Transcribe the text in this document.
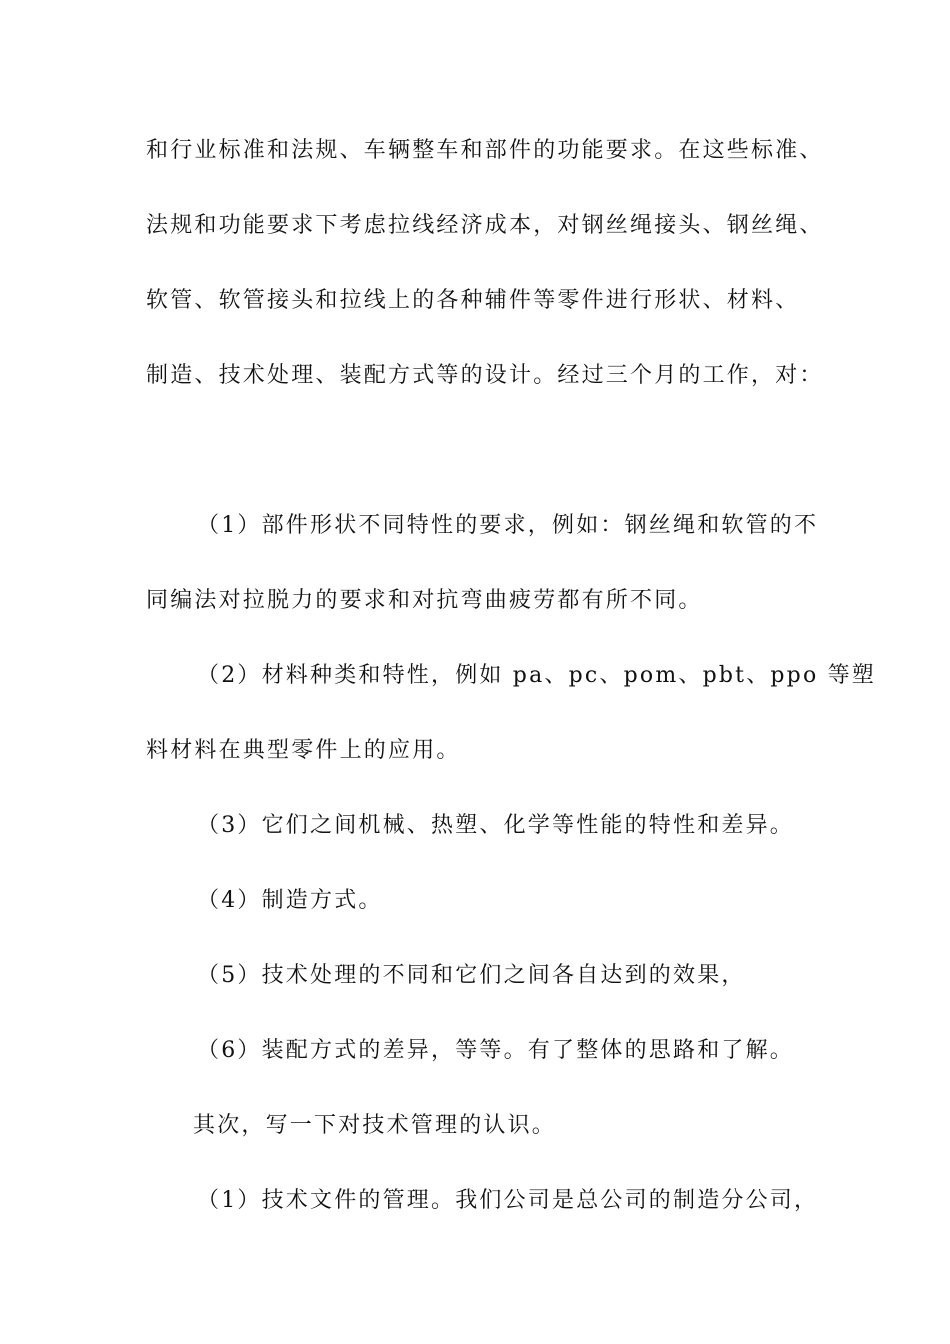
和行业标准和法规、车辆整车和部件的功能要求。在这些标准、
法规和功能要求下考虑拉线经济成本，对钢丝绳接头、钢丝绳、
软管、软管接头和拉线上的各种辅件等零件进行形状、材料、
制造、技术处理、装配方式等的设计。经过三个月的工作，对：
（1）部件形状不同特性的要求，例如：钢丝绳和软管的不
同编法对拉脱力的要求和对抗弯曲疲劳都有所不同。
（2）材料种类和特性，例如 pa、pc、pom、pbt、ppo 等塑
料材料在典型零件上的应用。
（3）它们之间机械、热塑、化学等性能的特性和差异。
（4）制造方式。
（5）技术处理的不同和它们之间各自达到的效果，
（6）装配方式的差异，等等。有了整体的思路和了解。
其次，写一下对技术管理的认识。
（1）技术文件的管理。我们公司是总公司的制造分公司，
